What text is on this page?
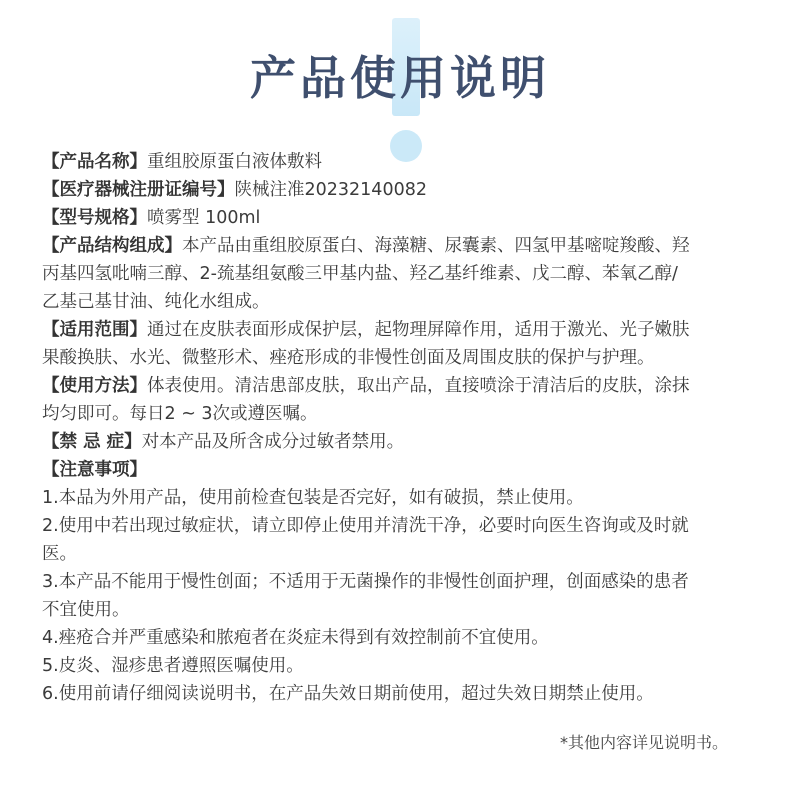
产品使用说明

【产品名称】重组胶原蛋白液体敷料

【医疗器械注册证编号】陕械注准20232140082

【型号规格】喷雾型 100ml

【产品结构组成】本产品由重组胶原蛋白、海藻糖、尿囊素、四氢甲基嘧啶羧酸、羟

丙基四氢吡喃三醇、2-巯基组氨酸三甲基内盐、羟乙基纤维素、戊二醇、苯氧乙醇/

乙基己基甘油、纯化水组成。

【适用范围】通过在皮肤表面形成保护层，起物理屏障作用，适用于激光、光子嫩肤

果酸换肤、水光、微整形术、痤疮形成的非慢性创面及周围皮肤的保护与护理。

【使用方法】体表使用。清洁患部皮肤，取出产品，直接喷涂于清洁后的皮肤，涂抹

均匀即可。每日2 ~ 3次或遵医嘱。

【禁 忌 症】对本产品及所含成分过敏者禁用。

【注意事项】

1.本品为外用产品，使用前检查包装是否完好，如有破损，禁止使用。

2.使用中若出现过敏症状，请立即停止使用并清洗干净，必要时向医生咨询或及时就

医。

3.本产品不能用于慢性创面；不适用于无菌操作的非慢性创面护理，创面感染的患者

不宜使用。

4.痤疮合并严重感染和脓疱者在炎症未得到有效控制前不宜使用。

5.皮炎、湿疹患者遵照医嘱使用。

6.使用前请仔细阅读说明书，在产品失效日期前使用，超过失效日期禁止使用。

*其他内容详见说明书。
